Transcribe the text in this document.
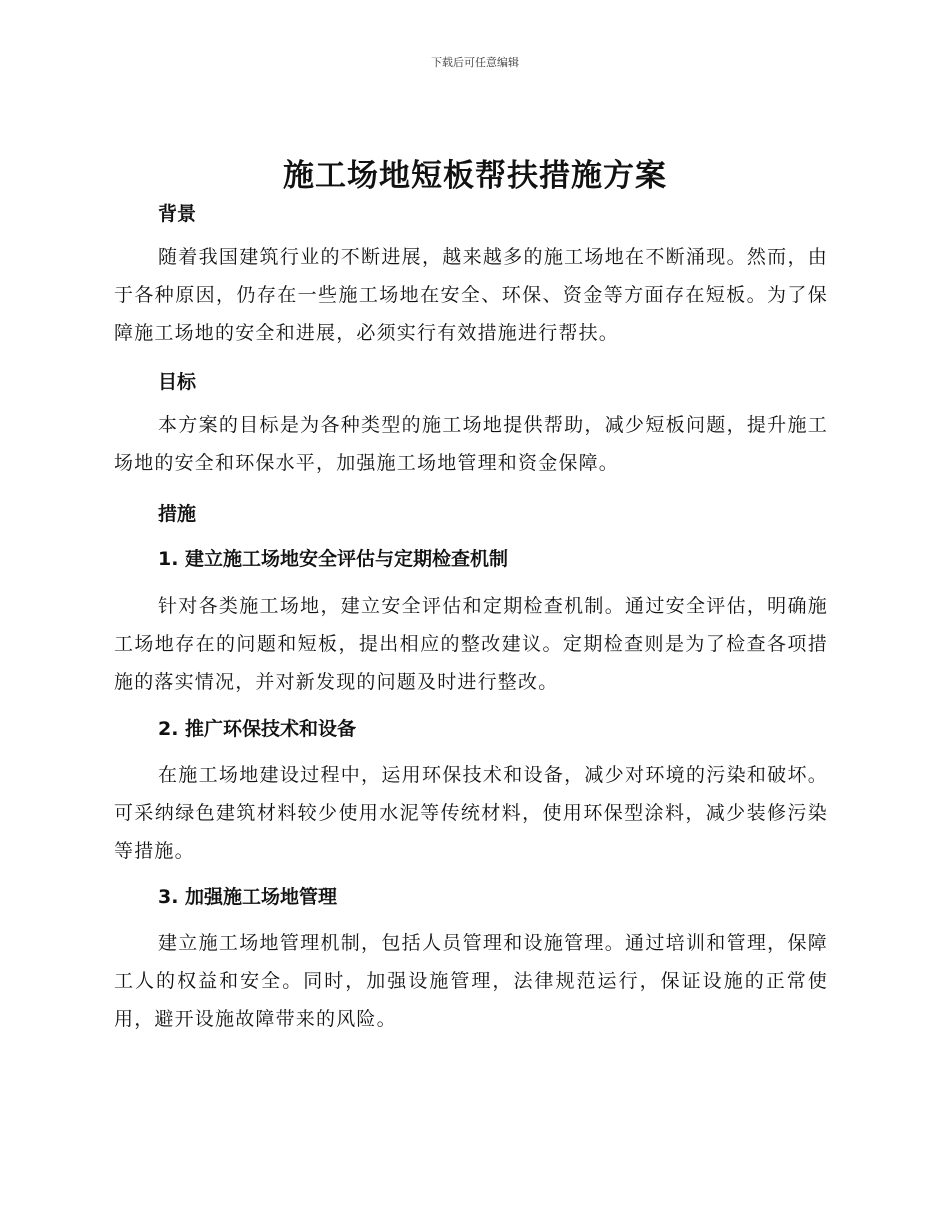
下载后可任意编辑
施工场地短板帮扶措施方案
背景
随着我国建筑行业的不断进展，越来越多的施工场地在不断涌现。然而，由于各种原因，仍存在一些施工场地在安全、环保、资金等方面存在短板。为了保障施工场地的安全和进展，必须实行有效措施进行帮扶。
目标
本方案的目标是为各种类型的施工场地提供帮助，减少短板问题，提升施工场地的安全和环保水平，加强施工场地管理和资金保障。
措施
1. 建立施工场地安全评估与定期检查机制
针对各类施工场地，建立安全评估和定期检查机制。通过安全评估，明确施工场地存在的问题和短板，提出相应的整改建议。定期检查则是为了检查各项措施的落实情况，并对新发现的问题及时进行整改。
2. 推广环保技术和设备
在施工场地建设过程中，运用环保技术和设备，减少对环境的污染和破坏。可采纳绿色建筑材料较少使用水泥等传统材料，使用环保型涂料，减少装修污染等措施。
3. 加强施工场地管理
建立施工场地管理机制，包括人员管理和设施管理。通过培训和管理，保障工人的权益和安全。同时，加强设施管理，法律规范运行，保证设施的正常使用，避开设施故障带来的风险。
